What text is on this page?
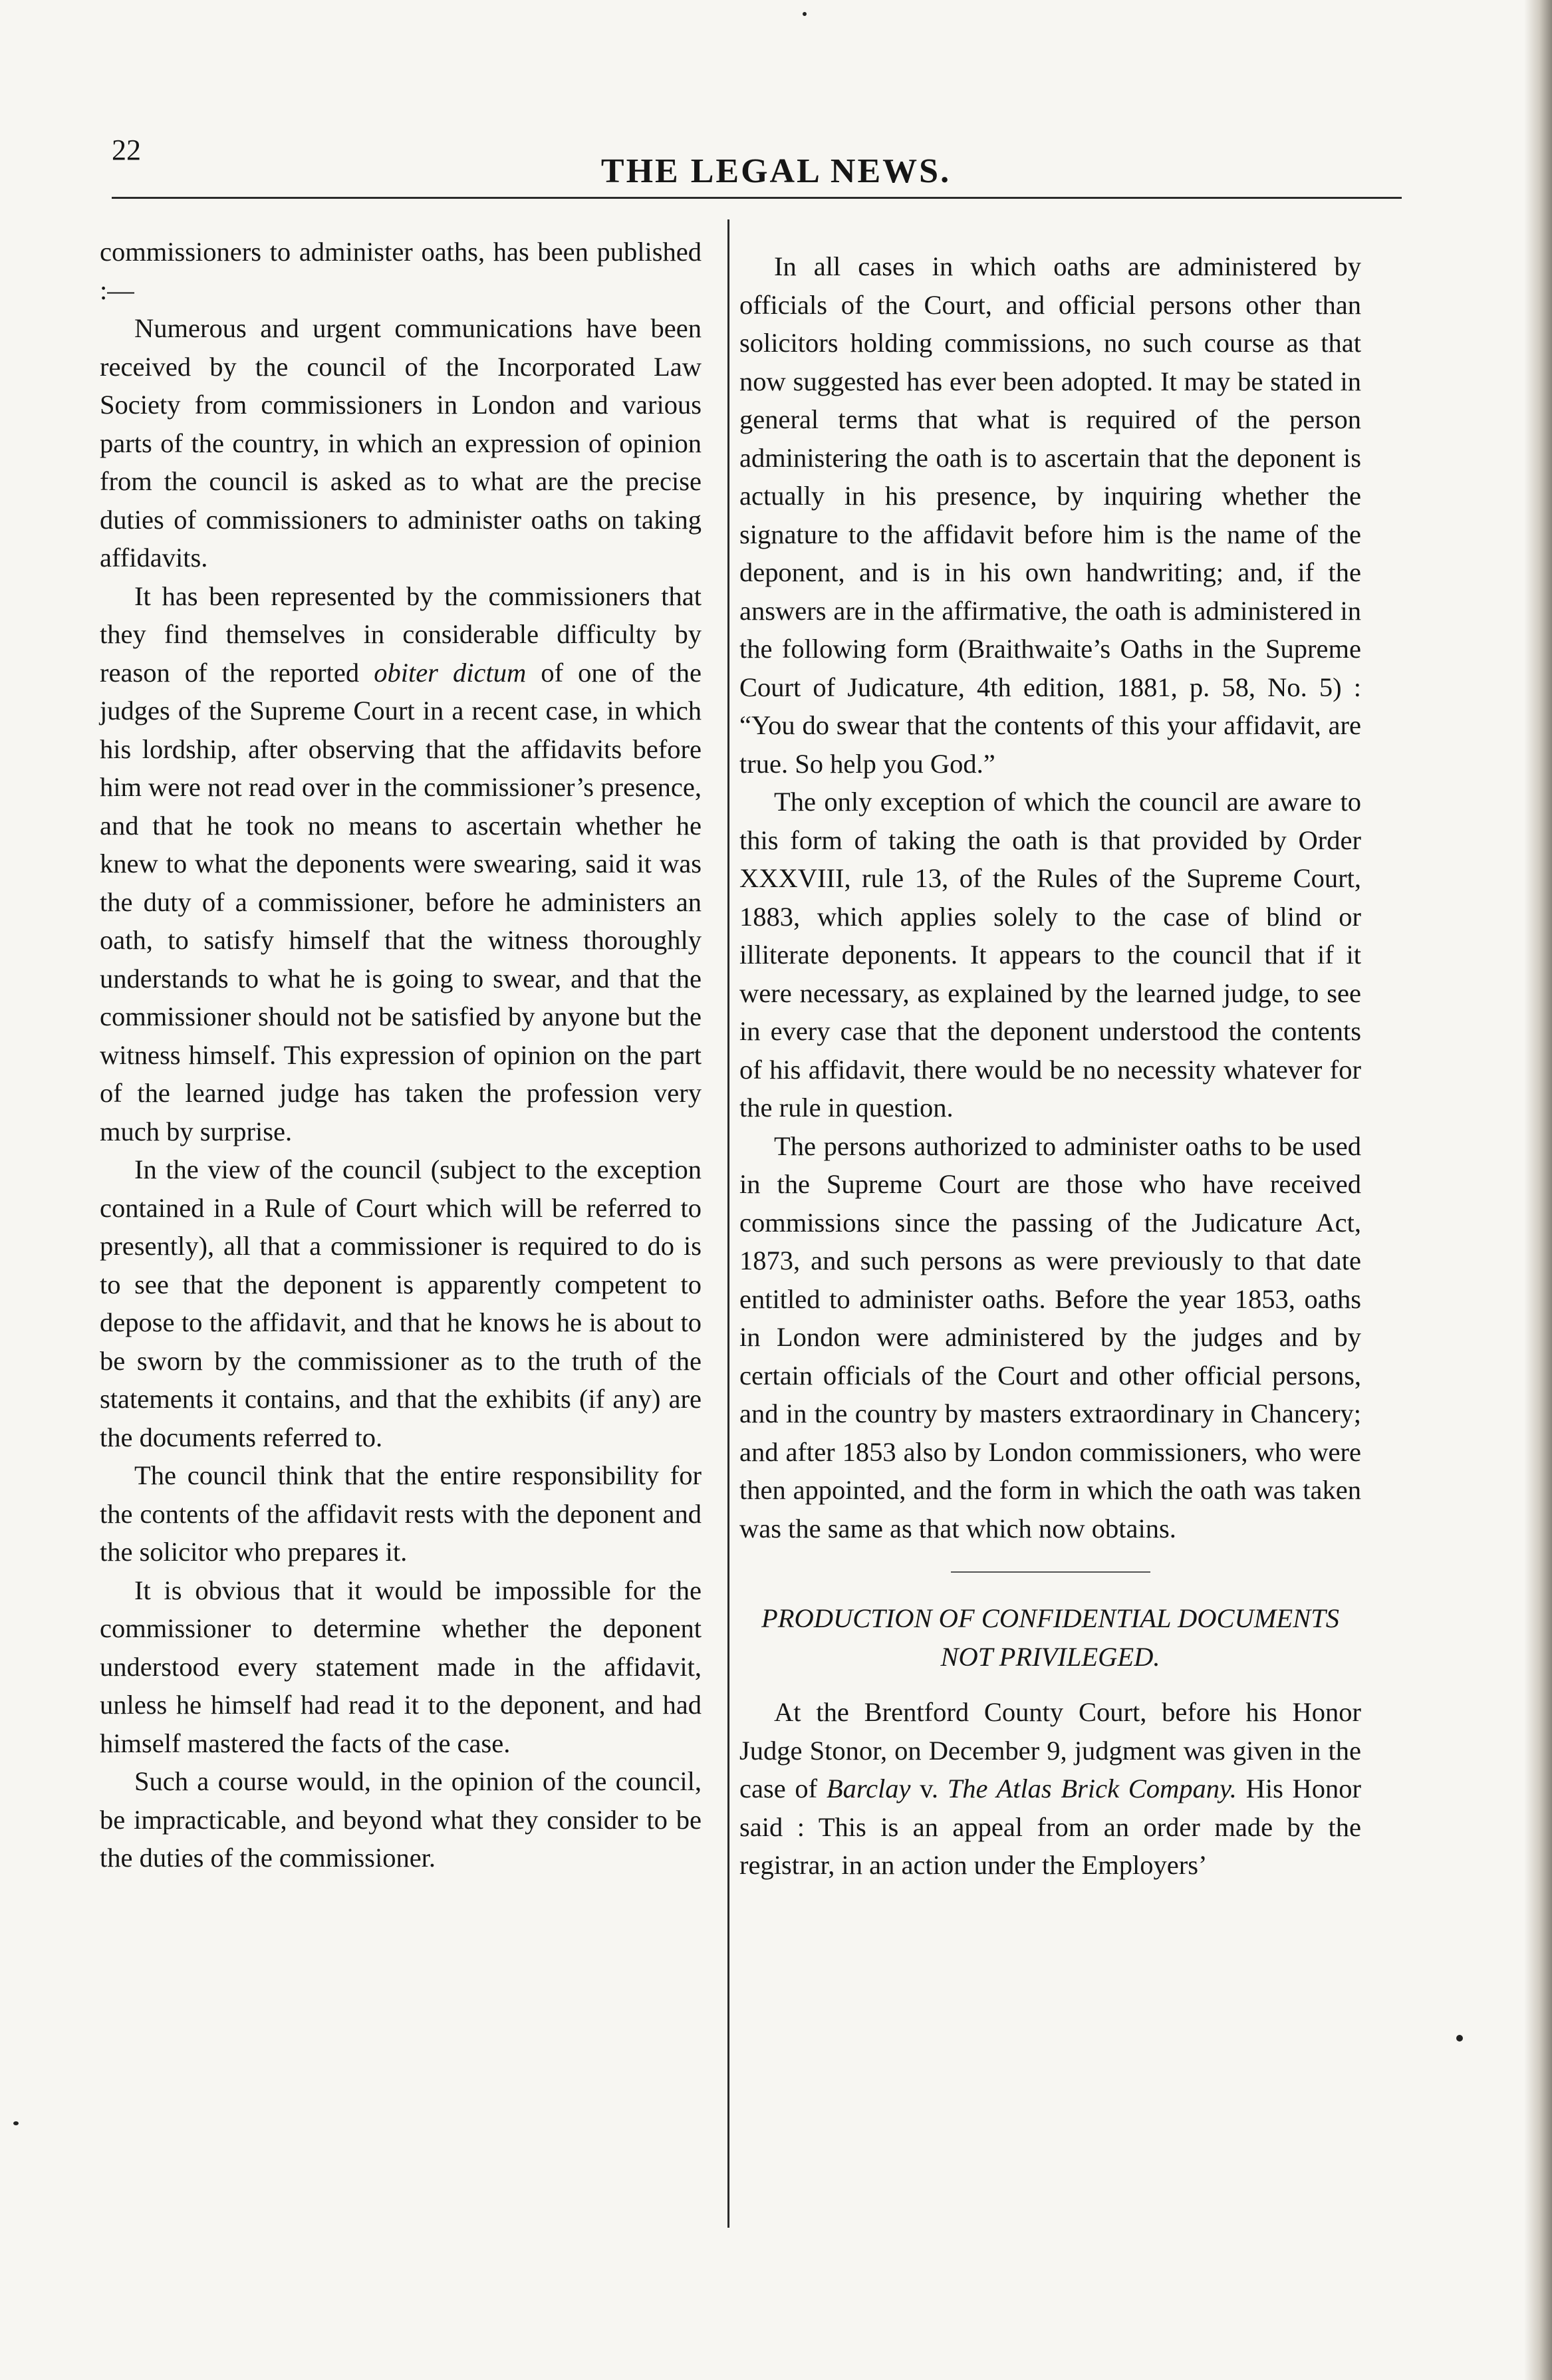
22
THE LEGAL NEWS.

commissioners to administer oaths, has been published :—

Numerous and urgent communications have been received by the council of the Incorporated Law Society from commissioners in London and various parts of the country, in which an expression of opinion from the council is asked as to what are the precise duties of commissioners to administer oaths on taking affidavits.

It has been represented by the commissioners that they find themselves in considerable difficulty by reason of the reported obiter dictum of one of the judges of the Supreme Court in a recent case, in which his lordship, after observing that the affidavits before him were not read over in the commissioner’s presence, and that he took no means to ascertain whether he knew to what the deponents were swearing, said it was the duty of a commissioner, before he administers an oath, to satisfy himself that the witness thoroughly understands to what he is going to swear, and that the commissioner should not be satisfied by anyone but the witness himself. This expression of opinion on the part of the learned judge has taken the profession very much by surprise.

In the view of the council (subject to the exception contained in a Rule of Court which will be referred to presently), all that a commissioner is required to do is to see that the deponent is apparently competent to depose to the affidavit, and that he knows he is about to be sworn by the commissioner as to the truth of the statements it contains, and that the exhibits (if any) are the documents referred to.

The council think that the entire responsibility for the contents of the affidavit rests with the deponent and the solicitor who prepares it.

It is obvious that it would be impossible for the commissioner to determine whether the deponent understood every statement made in the affidavit, unless he himself had read it to the deponent, and had himself mastered the facts of the case.

Such a course would, in the opinion of the council, be impracticable, and beyond what they consider to be the duties of the commissioner.

In all cases in which oaths are administered by officials of the Court, and official persons other than solicitors holding commissions, no such course as that now suggested has ever been adopted. It may be stated in general terms that what is required of the person administering the oath is to ascertain that the deponent is actually in his presence, by inquiring whether the signature to the affidavit before him is the name of the deponent, and is in his own handwriting; and, if the answers are in the affirmative, the oath is administered in the following form (Braithwaite’s Oaths in the Supreme Court of Judicature, 4th edition, 1881, p. 58, No. 5) : “You do swear that the contents of this your affidavit, are true. So help you God.”

The only exception of which the council are aware to this form of taking the oath is that provided by Order XXXVIII, rule 13, of the Rules of the Supreme Court, 1883, which applies solely to the case of blind or illiterate deponents. It appears to the council that if it were necessary, as explained by the learned judge, to see in every case that the deponent understood the contents of his affidavit, there would be no necessity whatever for the rule in question.

The persons authorized to administer oaths to be used in the Supreme Court are those who have received commissions since the passing of the Judicature Act, 1873, and such persons as were previously to that date entitled to administer oaths. Before the year 1853, oaths in London were administered by the judges and by certain officials of the Court and other official persons, and in the country by masters extraordinary in Chancery; and after 1853 also by London commissioners, who were then appointed, and the form in which the oath was taken was the same as that which now obtains.

PRODUCTION OF CONFIDENTIAL DOCUMENTS NOT PRIVILEGED.

At the Brentford County Court, before his Honor Judge Stonor, on December 9, judgment was given in the case of Barclay v. The Atlas Brick Company. His Honor said : This is an appeal from an order made by the registrar, in an action under the Employers’
